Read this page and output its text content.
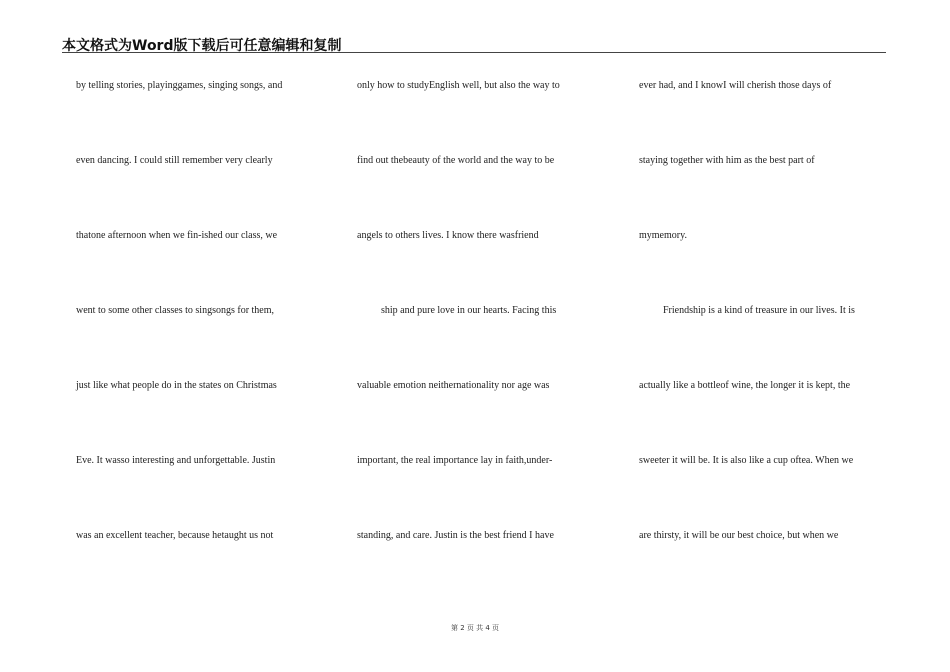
本文格式为Word版下载后可任意编辑和复制
by telling stories, playinggames, singing songs, and
even dancing. I could still remember very clearly
thatone afternoon when we fin-ished our class, we
went to some other classes to singsongs for them,
just like what people do in the states on Christmas
Eve. It wasso interesting and unforgettable. Justin
was an excellent teacher, because hetaught us not
only how to studyEnglish well, but also the way to
find out thebeauty of the world and the way to be
angels to others lives. I know there wasfriend
ship and pure love in our hearts. Facing this
valuable emotion neithernationality nor age was
important, the real importance lay in faith,under-
standing, and care. Justin is the best friend I have
ever had, and I knowI will cherish those days of
staying together with him as the best part of
mymemory.
Friendship is a kind of treasure in our lives. It is
actually like a bottleof wine, the longer it is kept, the
sweeter it will be. It is also like a cup oftea. When we
are thirsty, it will be our best choice, but when we
第 2 页 共 4 页
